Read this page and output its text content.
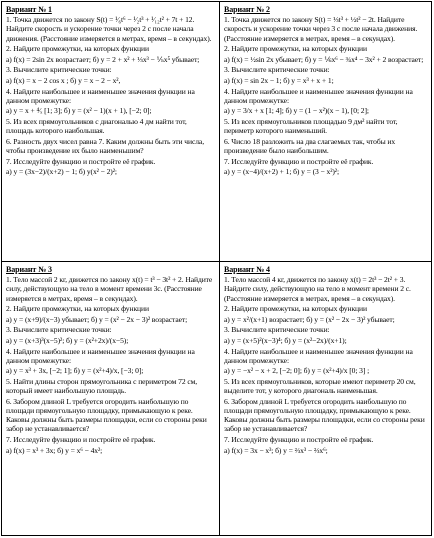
Вариант № 1
1. Точка движется по закону S(t) = ¹⁄₆t⁶ − ¹⁄₂t³ + ¹⁄₁₂t² + 7t + 12. Найдите скорость и ускорение точки через 2 с после начала движения. (Расстояние измеряется в метрах, время – в секундах).
2. Найдите промежутки, на которых функции
a) f(x) = 2sin 2x возрастает; б) y = 2 + x² + ⅓x³ − ⅕x⁵ убывает;
3. Вычислите критические точки:
a) f(x) = x − 2 cos x ; б) y = x − 2 − x²,
4. Найдите наибольшее и наименьшее значения функции на данном промежутке:
a) y = x + ⁴⁄ₓ [1; 3]; б) y = (x² − 1)(x + 1), [−2; 0];
5. Из всех прямоугольников с диагональю 4 дм найти тот, площадь которого наибольшая.
6. Разность двух чисел равна 7. Каким должны быть эти числа, чтобы произведение их было наименьшим?
7. Исследуйте функцию и постройте её график.
a) y = (3x−2)/(x+2) − 1; б) y(x² − 2)²;
Вариант № 2
1. Точка движется по закону S(t) = ⅓t³ + ½t² − 2t. Найдите скорость и ускорение точки через 3 с после начала движения. (Расстояние измеряется в метрах, время – в секундах).
2. Найдите промежутки, на которых функции
a) f(x) = ½sin 2x убывает; б) y = ⅙x⁶ − ¾x⁴ − 3x² + 2 возрастает;
3. Вычислите критические точки:
a) f(x) = sin 2x − 1; б) y = x³ + x + 1;
4. Найдите наибольшее и наименьшее значения функции на данном промежутке:
a) y = 3/x + x [1; 4]; б) y = (1 − x²)(x − 1), [0; 2];
5. Из всех прямоугольников площадью 9 дм² найти тот, периметр которого наименьший.
6. Число 18 разложить на два слагаемых так, чтобы их произведение было наибольшим.
7. Исследуйте функцию и постройте её график.
a) y = (x−4)/(x+2) + 1; б) y = (3 − x²)²;
Вариант № 3
1. Тело массой 2 кг, движется по закону x(t) = t³ − 3t² + 2. Найдите силу, действующую на тело в момент времени 3с. (Расстояние измеряется в метрах, время – в секундах).
2. Найдите промежутки, на которых функции
a) y = (x+9)/(x−3) убывает; б) y = (x² − 2x − 3)² возрастает;
3. Вычислите критические точки:
a) y = (x+3)³(x−5)²; б) y = (x²+2x)/(x−5);
4. Найдите наибольшее и наименьшее значения функции на данном промежутке:
a) y = x³ + 3x, [−2; 1]; б) y = (x²+4)/x, [−3; 0];
5. Найти длины сторон прямоугольника с периметром 72 см, который имеет наибольшую площадь.
6. Забором длиной L требуется огородить наибольшую по площади прямоугольную площадку, примыкающую к реке. Каковы должны быть размеры площадки, если со стороны реки забор не устанавливается?
7. Исследуйте функцию и постройте её график.
a) f(x) = x³ + 3x; б) y = x⁶ − 4x²;
Вариант № 4
1. Тело массой 4 кг, движется по закону x(t) = 2t³ − 2t² + 3. Найдите силу, действующую на тело в момент времени 2 с. (Расстояние измеряется в метрах, время – в секундах).
2. Найдите промежутки, на которых функции
a) y = x²/(x+1) возрастает; б) y = (x² − 2x − 3)² убывает;
3. Вычислите критические точки:
a) y = (x+5)²(x−3)⁴; б) y = (x²−2x)/(x+1);
4. Найдите наибольшее и наименьшее значения функции на данном промежутке:
a) y = −x² − x + 2, [−2; 0]; б) y = (x²+4)/x [0; 3] ;
5. Из всех прямоугольников, которые имеют периметр 20 см, выделите тот, у которого диагональ наименьшая.
6. Забором длиной L требуется огородить наибольшую по площади прямоугольную площадку, примыкающую к реке. Каковы должны быть размеры площадки, если со стороны реки забор не устанавливается?
7. Исследуйте функцию и постройте её график.
a) f(x) = 3x − x³; б) y = ⅔x³ − ⅔x⁶;
